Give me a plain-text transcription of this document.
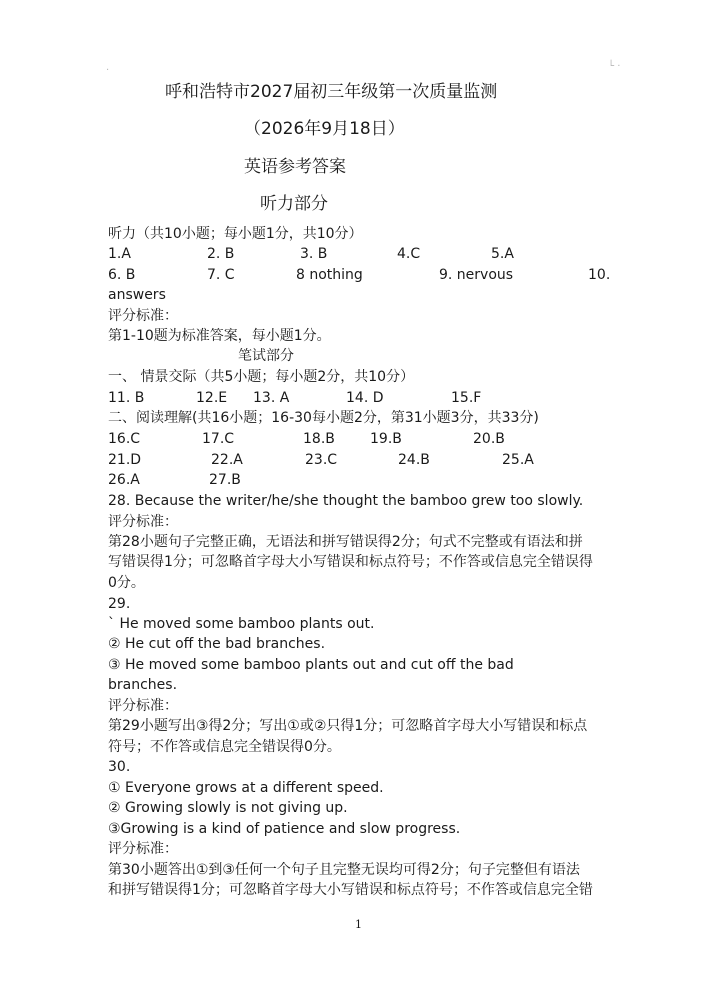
·	└ ·
呼和浩特市2027届初三年级第一次质量监测
（2026年9月18日）
英语参考答案
听力部分
听力（共10小题；每小题1分，共10分）
1.A	2. B	3. B	4.C	5.A
6. B	7. C	8 nothing	9. nervous	10.
answers
评分标准：
第1-10题为标准答案，每小题1分。
笔试部分
一、 情景交际（共5小题；每小题2分，共10分）
11. B	12.E 13. A	14. D	15.F
二、阅读理解(共16小题；16-30每小题2分，第31小题3分，共33分)
16.C	17.C	18.B	19.B	20.B
21.D	22.A	23.C	24.B	25.A
26.A	27.B
28. Because the writer/he/she thought the bamboo grew too slowly.
评分标准：
第28小题句子完整正确，无语法和拼写错误得2分；句式不完整或有语法和拼
写错误得1分；可忽略首字母大小写错误和标点符号；不作答或信息完全错误得
0分。
29.
` He moved some bamboo plants out.
② He cut off the bad branches.
③ He moved some bamboo plants out and cut off the bad
branches.
评分标准：
第29小题写出③得2分；写出①或②只得1分；可忽略首字母大小写错误和标点
符号；不作答或信息完全错误得0分。
30.
① Everyone grows at a different speed.
② Growing slowly is not giving up.
③Growing is a kind of patience and slow progress.
评分标准：
第30小题答出①到③任何一个句子且完整无误均可得2分；句子完整但有语法
和拼写错误得1分；可忽略首字母大小写错误和标点符号；不作答或信息完全错
1
